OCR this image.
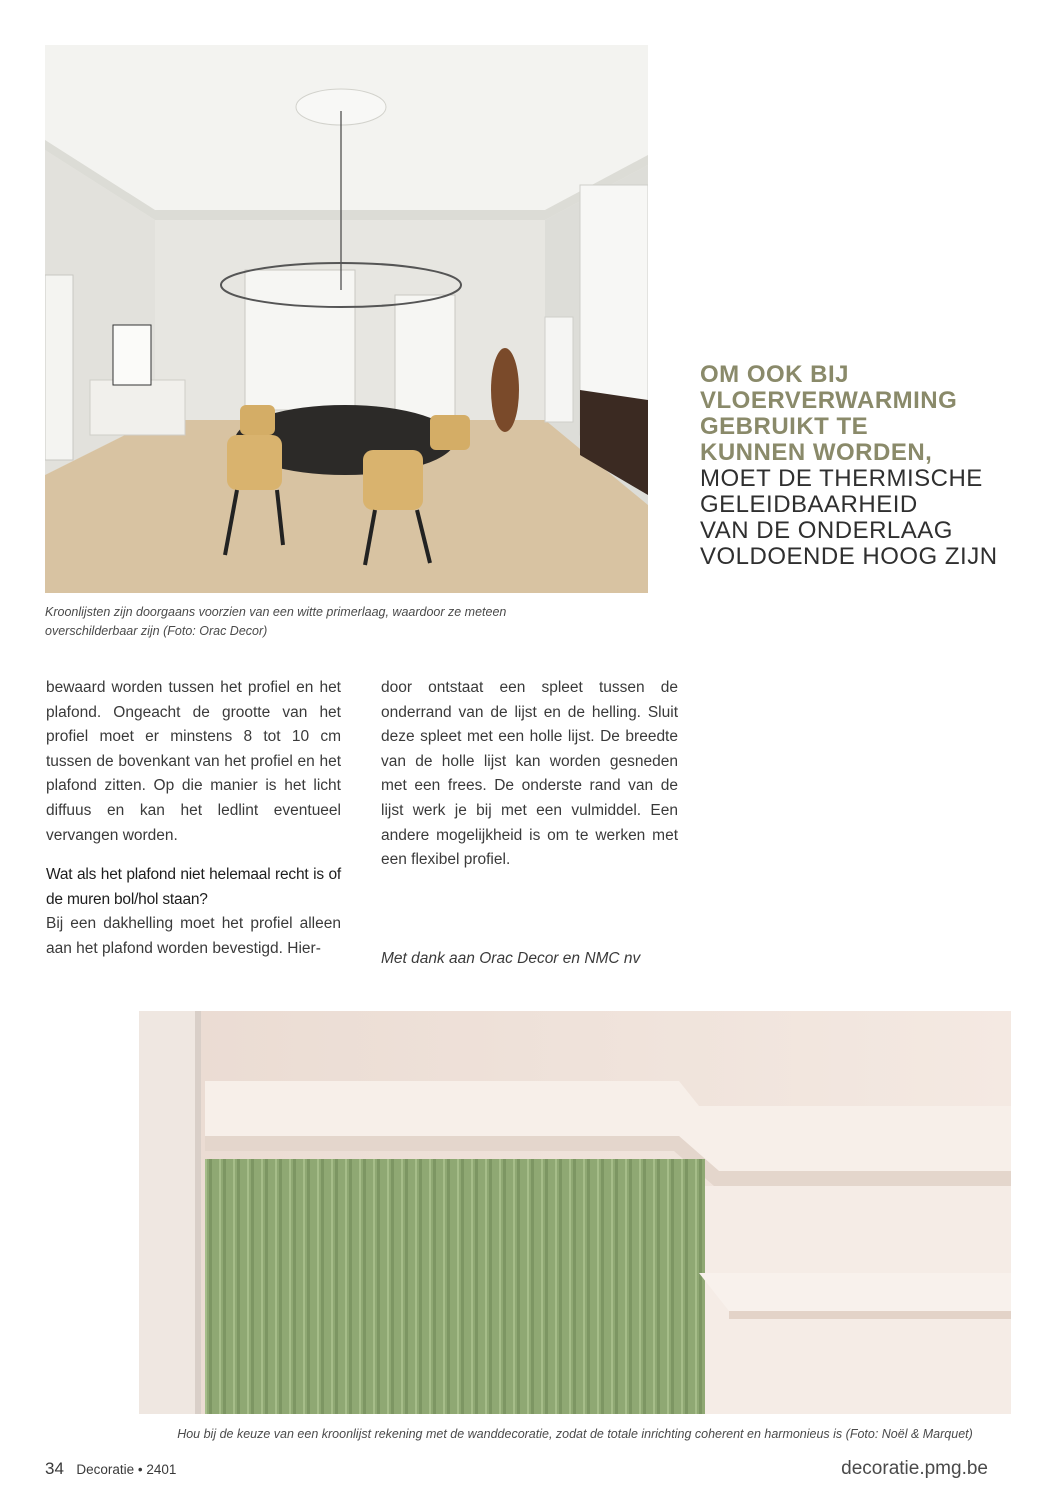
Kroonlijsten zijn doorgaans voorzien van een witte primerlaag, waardoor ze meteen overschilderbaar zijn (Foto: Orac Decor)
OM OOK BIJ
VLOERVERWARMING
GEBRUIKT TE
KUNNEN WORDEN,
MOET DE THERMISCHE
GELEIDBAARHEID
VAN DE ONDERLAAG
VOLDOENDE HOOG ZIJN

bewaard worden tussen het profiel en het plafond. Ongeacht de grootte van het profiel moet er minstens 8 tot 10 cm tussen de bovenkant van het profiel en het plafond zitten. Op die manier is het licht diffuus en kan het ledlint eventueel vervangen worden.

Wat als het plafond niet helemaal recht is of de muren bol/hol staan?

Bij een dakhelling moet het profiel alleen aan het plafond worden bevestigd. Hier-

door ontstaat een spleet tussen de onderrand van de lijst en de helling. Sluit deze spleet met een holle lijst. De breedte van de holle lijst kan worden gesneden met een frees. De onderste rand van de lijst werk je bij met een vulmiddel. Een andere mogelijkheid is om te werken met een flexibel profiel.

Met dank aan Orac Decor en NMC nv
Hou bij de keuze van een kroonlijst rekening met de wanddecoratie, zodat de totale inrichting coherent en harmonieus is (Foto: Noël & Marquet)
34 Decoratie • 2401	decoratie.pmg.be
